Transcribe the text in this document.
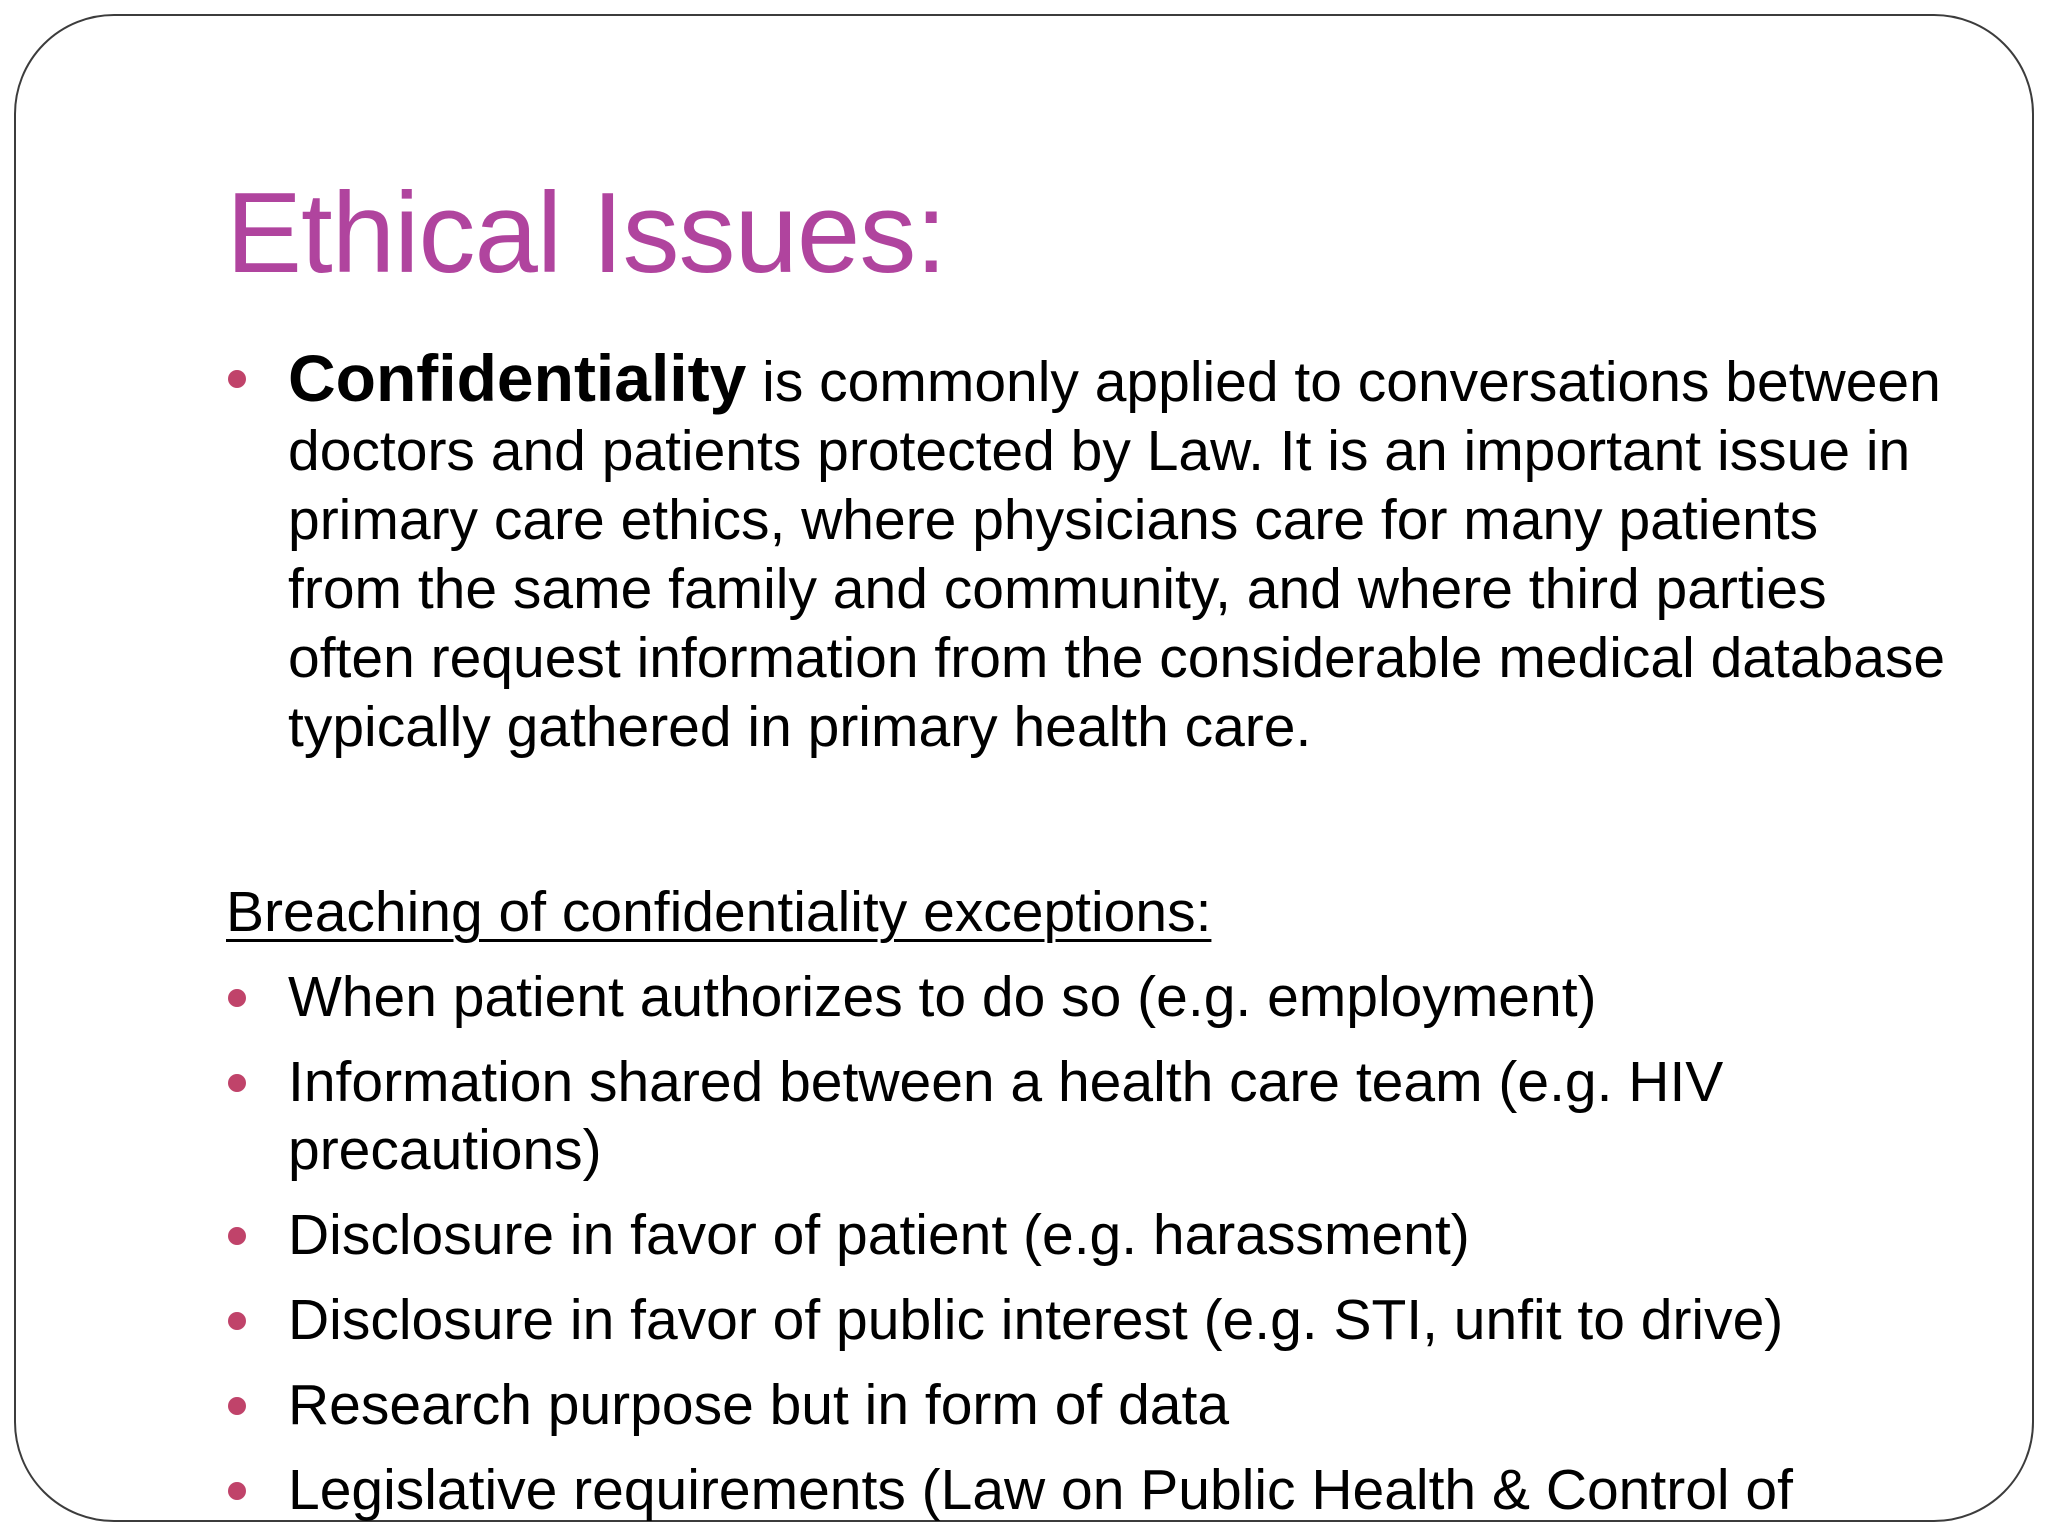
Ethical Issues:
Confidentiality is commonly applied to conversations between doctors and patients protected by Law. It is an important issue in primary care ethics, where physicians care for many patients from the same family and community, and where third parties often request information from the considerable medical database typically gathered in primary health care.
Breaching of confidentiality exceptions:
When patient authorizes to do so (e.g. employment)
Information shared between a health care team (e.g. HIV precautions)
Disclosure in favor of patient (e.g. harassment)
Disclosure in favor of public interest (e.g. STI, unfit to drive)
Research purpose but in form of data
Legislative requirements (Law on Public Health & Control of
